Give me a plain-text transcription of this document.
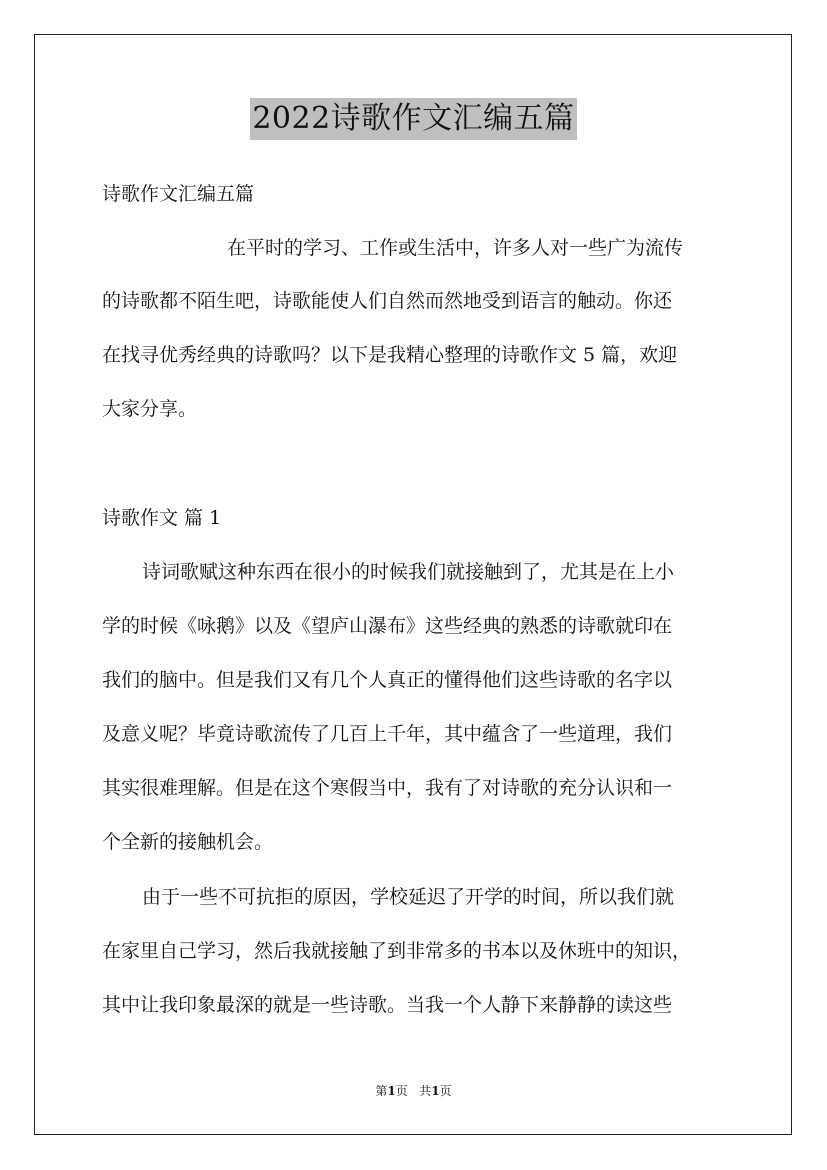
2022诗歌作文汇编五篇
诗歌作文汇编五篇
在平时的学习、工作或生活中，许多人对一些广为流传
的诗歌都不陌生吧，诗歌能使人们自然而然地受到语言的触动。你还
在找寻优秀经典的诗歌吗？以下是我精心整理的诗歌作文 5 篇，欢迎
大家分享。
诗歌作文 篇 1
诗词歌赋这种东西在很小的时候我们就接触到了，尤其是在上小
学的时候《咏鹅》以及《望庐山瀑布》这些经典的熟悉的诗歌就印在
我们的脑中。但是我们又有几个人真正的懂得他们这些诗歌的名字以
及意义呢？毕竟诗歌流传了几百上千年，其中蕴含了一些道理，我们
其实很难理解。但是在这个寒假当中，我有了对诗歌的充分认识和一
个全新的接触机会。
由于一些不可抗拒的原因，学校延迟了开学的时间，所以我们就
在家里自己学习，然后我就接触了到非常多的书本以及休班中的知识，
其中让我印象最深的就是一些诗歌。当我一个人静下来静静的读这些
第1页 共1页
